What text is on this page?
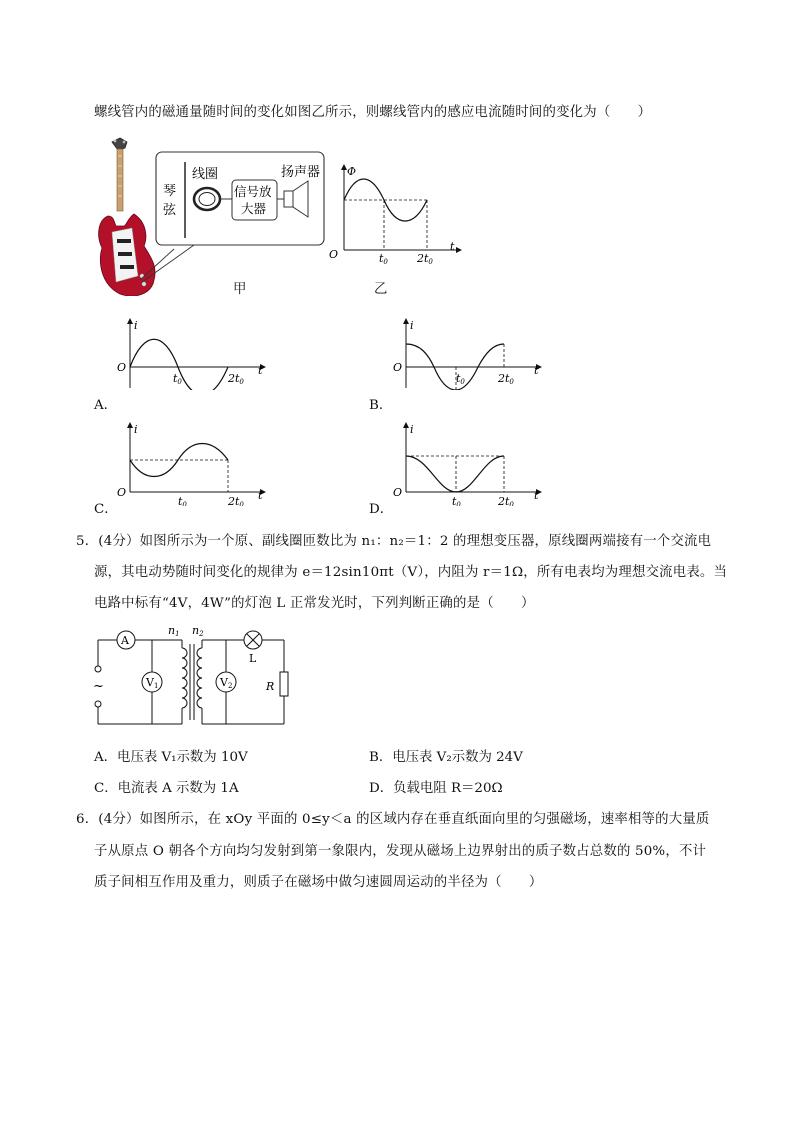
螺线管内的磁通量随时间的变化如图乙所示，则螺线管内的感应电流随时间的变化为（　　）
琴
弦
线圈
信号放
大器
扬声器
甲
Φ
O
t
t0	2t0
乙
i
O	t
t0	2t0
A．
i
O	t
t0	2t0
B．
i
O	t
t0	2t0
C．
i
O	t
t0	2t0
D．
5．(4分）如图所示为一个原、副线圈匝数比为 n₁：n₂＝1：2 的理想变压器，原线圈两端接有一个交流电
源，其电动势随时间变化的规律为 e＝12sin10πt（V），内阻为 r＝1Ω，所有电表均为理想交流电表。当
电路中标有“4V，4W”的灯泡 L 正常发光时，下列判断正确的是（　　）
A
~	V1
n1 n2
L
R
V2
A．电压表 V₁示数为 10V	B．电压表 V₂示数为 24V
C．电流表 A 示数为 1A	D．负载电阻 R＝20Ω
6．(4分）如图所示，在 xOy 平面的 0≤y＜a 的区域内存在垂直纸面向里的匀强磁场，速率相等的大量质
子从原点 O 朝各个方向均匀发射到第一象限内，发现从磁场上边界射出的质子数占总数的 50%，不计
质子间相互作用及重力，则质子在磁场中做匀速圆周运动的半径为（　　）
